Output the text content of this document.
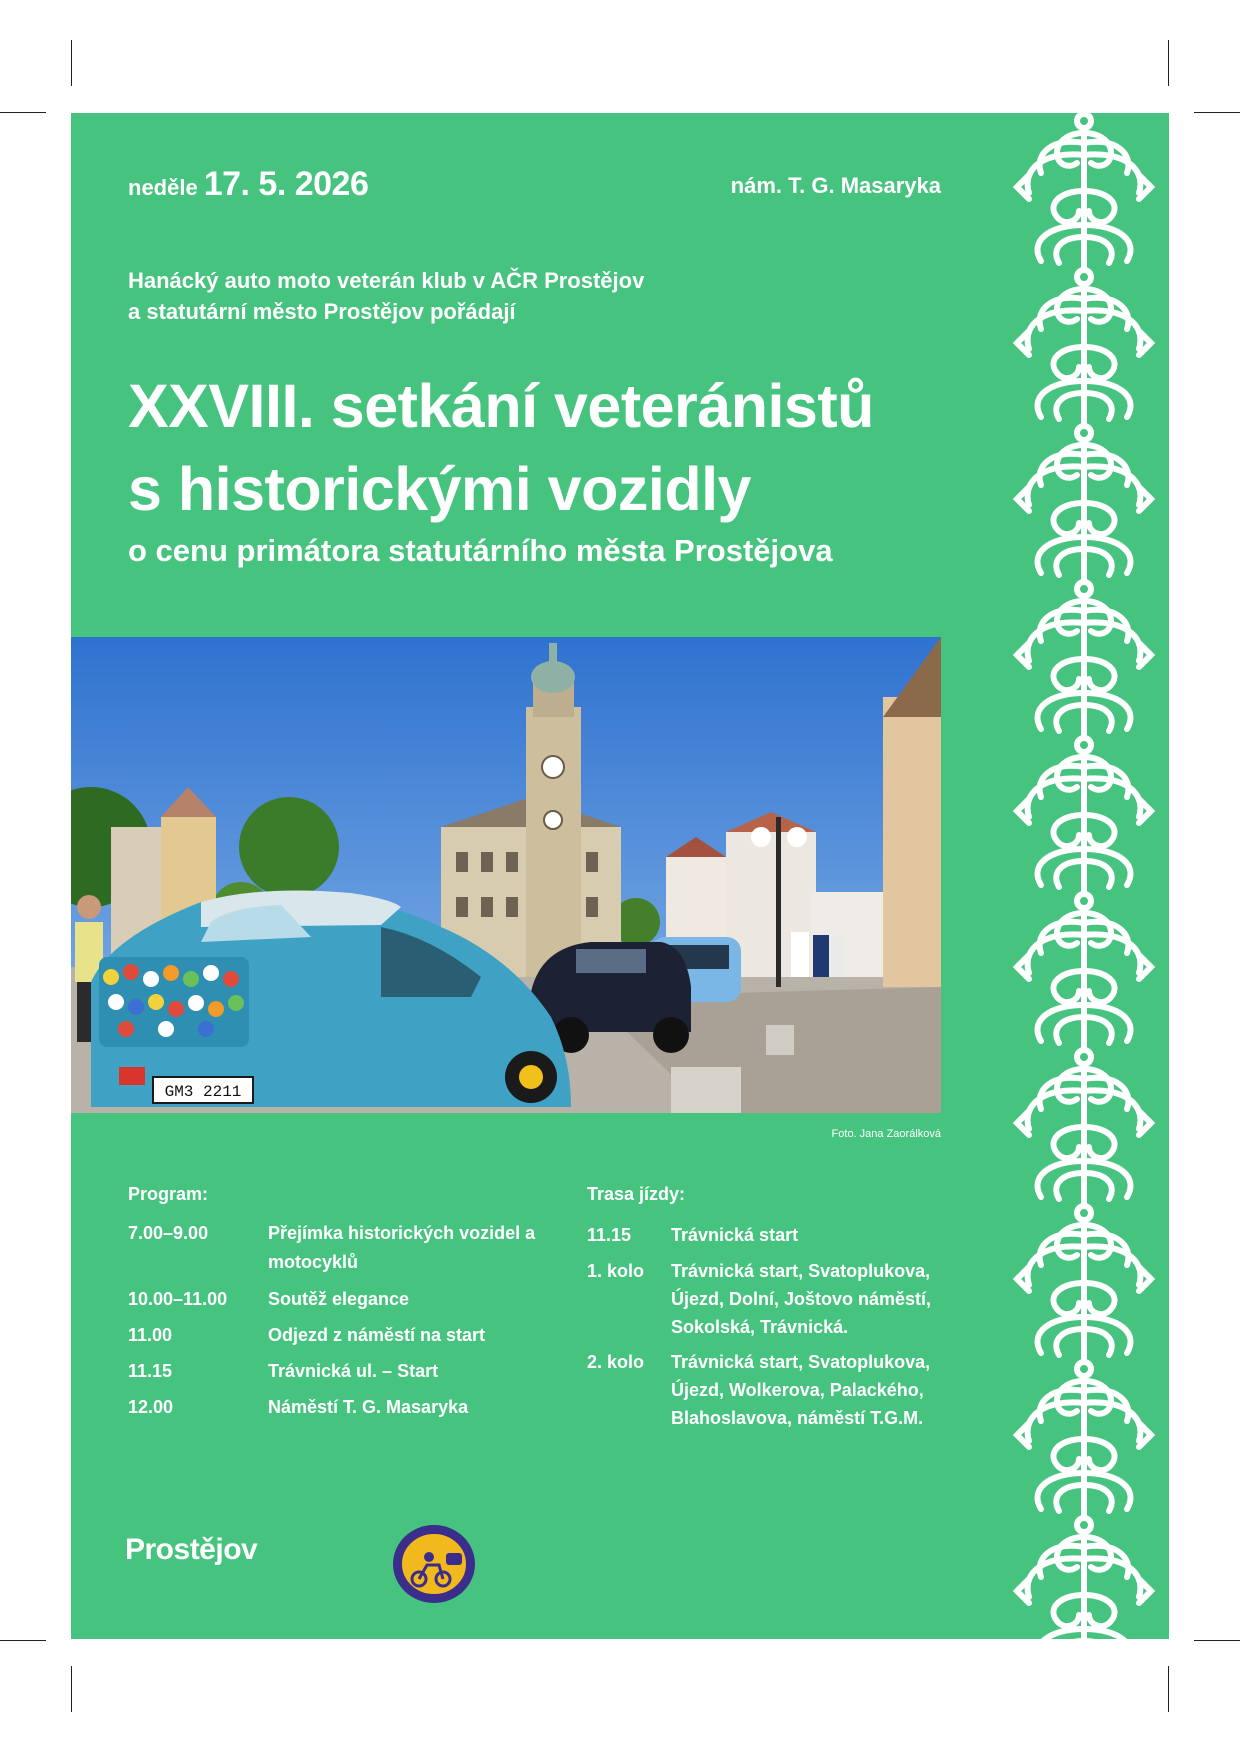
neděle 17. 5. 2026	nám. T. G. Masaryka
Hanácký auto moto veterán klub v AČR Prostějov
a statutární město Prostějov pořádají
XXVIII. setkání veteránistů
s historickými vozidly
o cenu primátora statutárního města Prostějova
GM3 2211
Foto. Jana Zaorálková
Program:
7.00–9.00	Přejímka historických vozidel a motocyklů
10.00–11.00 Soutěž elegance
11.00	Odjezd z náměstí na start
11.15	Trávnická ul. – Start
12.00	Náměstí T. G. Masaryka
Trasa jízdy:
11.15 Trávnická start
1. kolo Trávnická start, Svatoplukova, Újezd, Dolní, Joštovo náměstí, Sokolská, Trávnická.
2. kolo Trávnická start, Svatoplukova, Újezd, Wolkerova, Palackého, Blahoslavova, náměstí T.G.M.
Prostějov
